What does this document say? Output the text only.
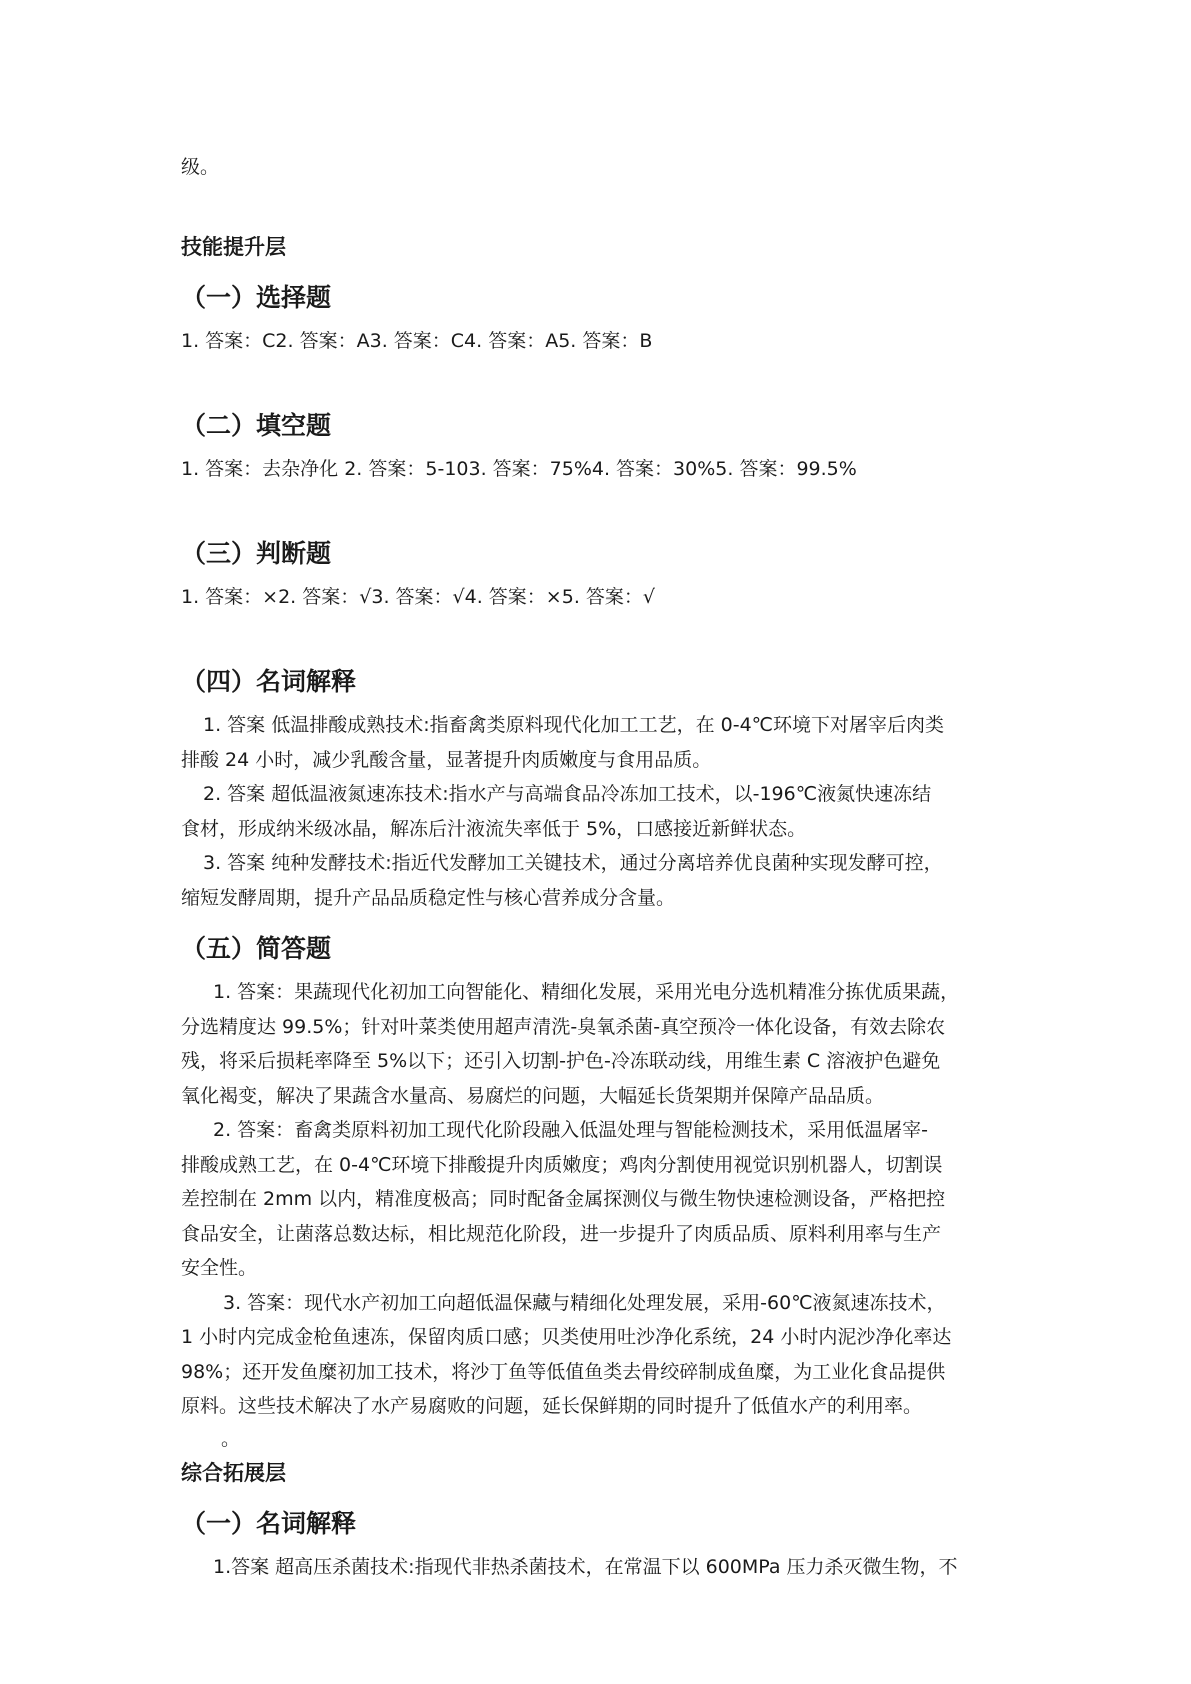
级。
技能提升层
（一）选择题
1. 答案：C2. 答案：A3. 答案：C4. 答案：A5. 答案：B
（二）填空题
1. 答案：去杂净化 2. 答案：5-103. 答案：75%4. 答案：30%5. 答案：99.5%
（三）判断题
1. 答案：×2. 答案：√3. 答案：√4. 答案：×5. 答案：√
（四）名词解释
1. 答案 低温排酸成熟技术:指畜禽类原料现代化加工工艺，在 0-4℃环境下对屠宰后肉类
排酸 24 小时，减少乳酸含量，显著提升肉质嫩度与食用品质。
2. 答案 超低温液氮速冻技术:指水产与高端食品冷冻加工技术，以-196℃液氮快速冻结
食材，形成纳米级冰晶，解冻后汁液流失率低于 5%，口感接近新鲜状态。
3. 答案 纯种发酵技术:指近代发酵加工关键技术，通过分离培养优良菌种实现发酵可控，
缩短发酵周期，提升产品品质稳定性与核心营养成分含量。
（五）简答题
1. 答案：果蔬现代化初加工向智能化、精细化发展，采用光电分选机精准分拣优质果蔬，
分选精度达 99.5%；针对叶菜类使用超声清洗-臭氧杀菌-真空预冷一体化设备，有效去除农
残，将采后损耗率降至 5%以下；还引入切割-护色-冷冻联动线，用维生素 C 溶液护色避免
氧化褐变，解决了果蔬含水量高、易腐烂的问题，大幅延长货架期并保障产品品质。
2. 答案：畜禽类原料初加工现代化阶段融入低温处理与智能检测技术，采用低温屠宰-
排酸成熟工艺，在 0-4℃环境下排酸提升肉质嫩度；鸡肉分割使用视觉识别机器人，切割误
差控制在 2mm 以内，精准度极高；同时配备金属探测仪与微生物快速检测设备，严格把控
食品安全，让菌落总数达标，相比规范化阶段，进一步提升了肉质品质、原料利用率与生产
安全性。
3. 答案：现代水产初加工向超低温保藏与精细化处理发展，采用-60℃液氮速冻技术，
1 小时内完成金枪鱼速冻，保留肉质口感；贝类使用吐沙净化系统，24 小时内泥沙净化率达
98%；还开发鱼糜初加工技术，将沙丁鱼等低值鱼类去骨绞碎制成鱼糜，为工业化食品提供
原料。这些技术解决了水产易腐败的问题，延长保鲜期的同时提升了低值水产的利用率。
。
综合拓展层
（一）名词解释
1.答案 超高压杀菌技术:指现代非热杀菌技术，在常温下以 600MPa 压力杀灭微生物，不
